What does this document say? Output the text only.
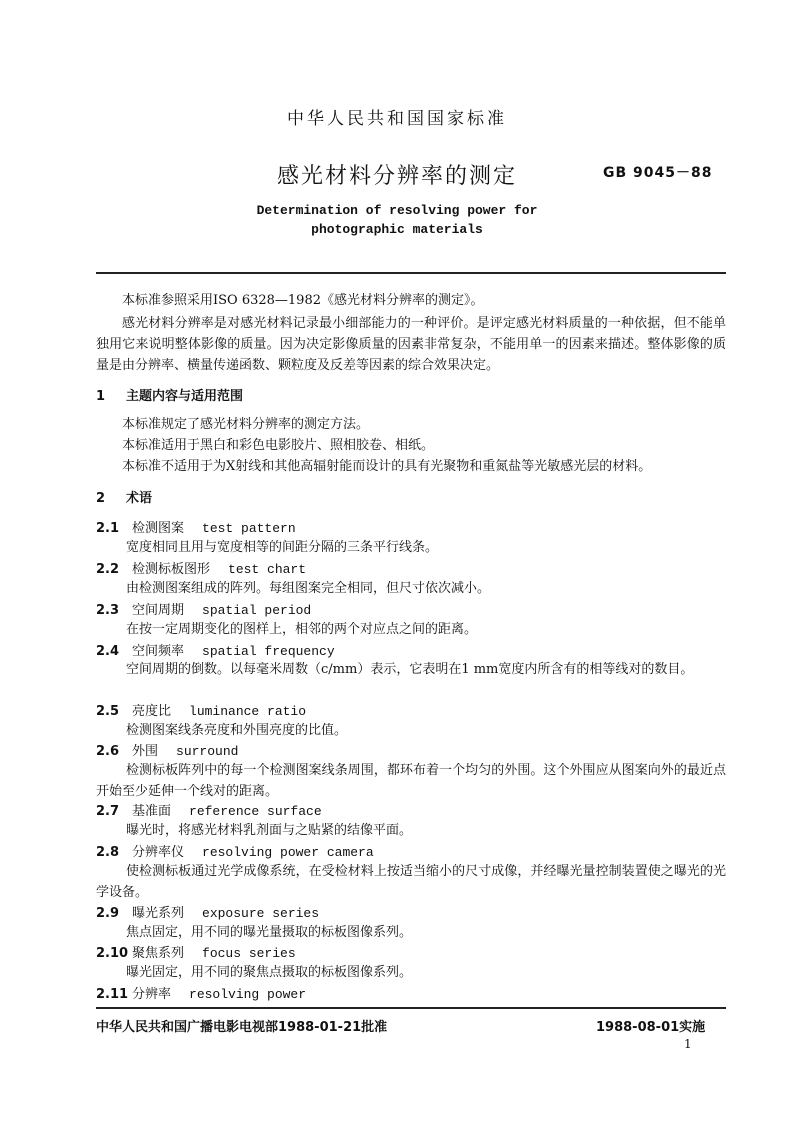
中华人民共和国国家标准
感光材料分辨率的测定	GB 9045－88
Determination of resolving power for
photographic materials
本标准参照采用ISO 6328—1982《感光材料分辨率的测定》。
感光材料分辨率是对感光材料记录最小细部能力的一种评价。是评定感光材料质量的一种依据，但不能单独用它来说明整体影像的质量。因为决定影像质量的因素非常复杂，不能用单一的因素来描述。整体影像的质量是由分辨率、横量传递函数、颗粒度及反差等因素的综合效果决定。
1 主题内容与适用范围
本标准规定了感光材料分辨率的测定方法。
本标准适用于黑白和彩色电影胶片、照相胶卷、相纸。
本标准不适用于为X射线和其他高辐射能而设计的具有光聚物和重氮盐等光敏感光层的材料。
2 术语
2.1 检测图案 test pattern
宽度相同且用与宽度相等的间距分隔的三条平行线条。
2.2 检测标板图形 test chart
由检测图案组成的阵列。每组图案完全相同，但尺寸依次减小。
2.3 空间周期 spatial period
在按一定周期变化的图样上，相邻的两个对应点之间的距离。
2.4 空间频率 spatial frequency
空间周期的倒数。以每毫米周数（c/mm）表示，它表明在1 mm宽度内所含有的相等线对的数目。
2.5 亮度比 luminance ratio
检测图案线条亮度和外围亮度的比值。
2.6 外围 surround
检测标板阵列中的每一个检测图案线条周围，都环布着一个均匀的外围。这个外围应从图案向外的最近点开始至少延伸一个线对的距离。
2.7 基准面 reference surface
曝光时，将感光材料乳剂面与之贴紧的结像平面。
2.8 分辨率仪 resolving power camera
使检测标板通过光学成像系统，在受检材料上按适当缩小的尺寸成像，并经曝光量控制装置使之曝光的光学设备。
2.9 曝光系列 exposure series
焦点固定，用不同的曝光量摄取的标板图像系列。
2.10 聚焦系列 focus series
曝光固定，用不同的聚焦点摄取的标板图像系列。
2.11 分辨率 resolving power
中华人民共和国广播电影电视部1988-01-21批准	1988-08-01实施
1
